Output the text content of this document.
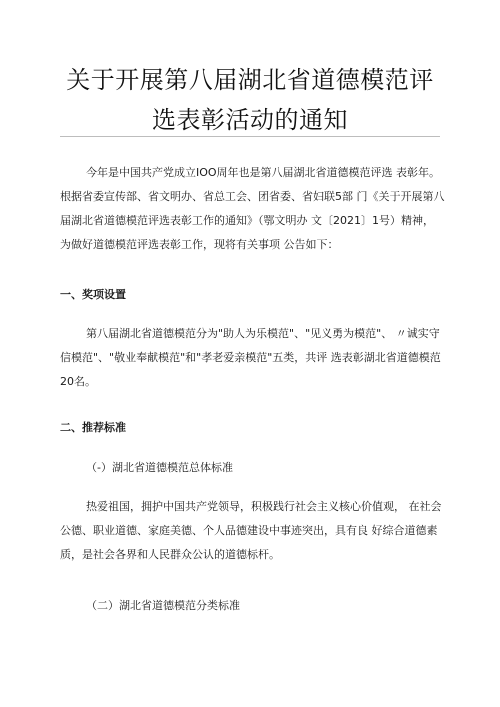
关于开展第八届湖北省道德模范评
选表彰活动的通知
今年是中国共产党成立IOO周年也是第八届湖北省道德模范评选 表彰年。
根据省委宣传部、省文明办、省总工会、团省委、省妇联5部 门《关于开展第八
届湖北省道德模范评选表彰工作的通知》（鄂文明办 文〔2021〕1号）精神，
为做好道德模范评选表彰工作，现将有关事项 公告如下：
一、奖项设置
第八届湖北省道德模范分为"助人为乐模范"、"见义勇为模范"、 〃诚实守
信模范"、"敬业奉献模范"和"孝老爱亲模范"五类，共评 选表彰湖北省道德模范
20名。
二、推荐标准
（-）湖北省道德模范总体标准
热爱祖国，拥护中国共产党领导，积极践行社会主义核心价值观， 在社会
公德、职业道德、家庭美德、个人品德建设中事迹突出，具有良 好综合道德素
质，是社会各界和人民群众公认的道德标杆。
（二）湖北省道德模范分类标准
